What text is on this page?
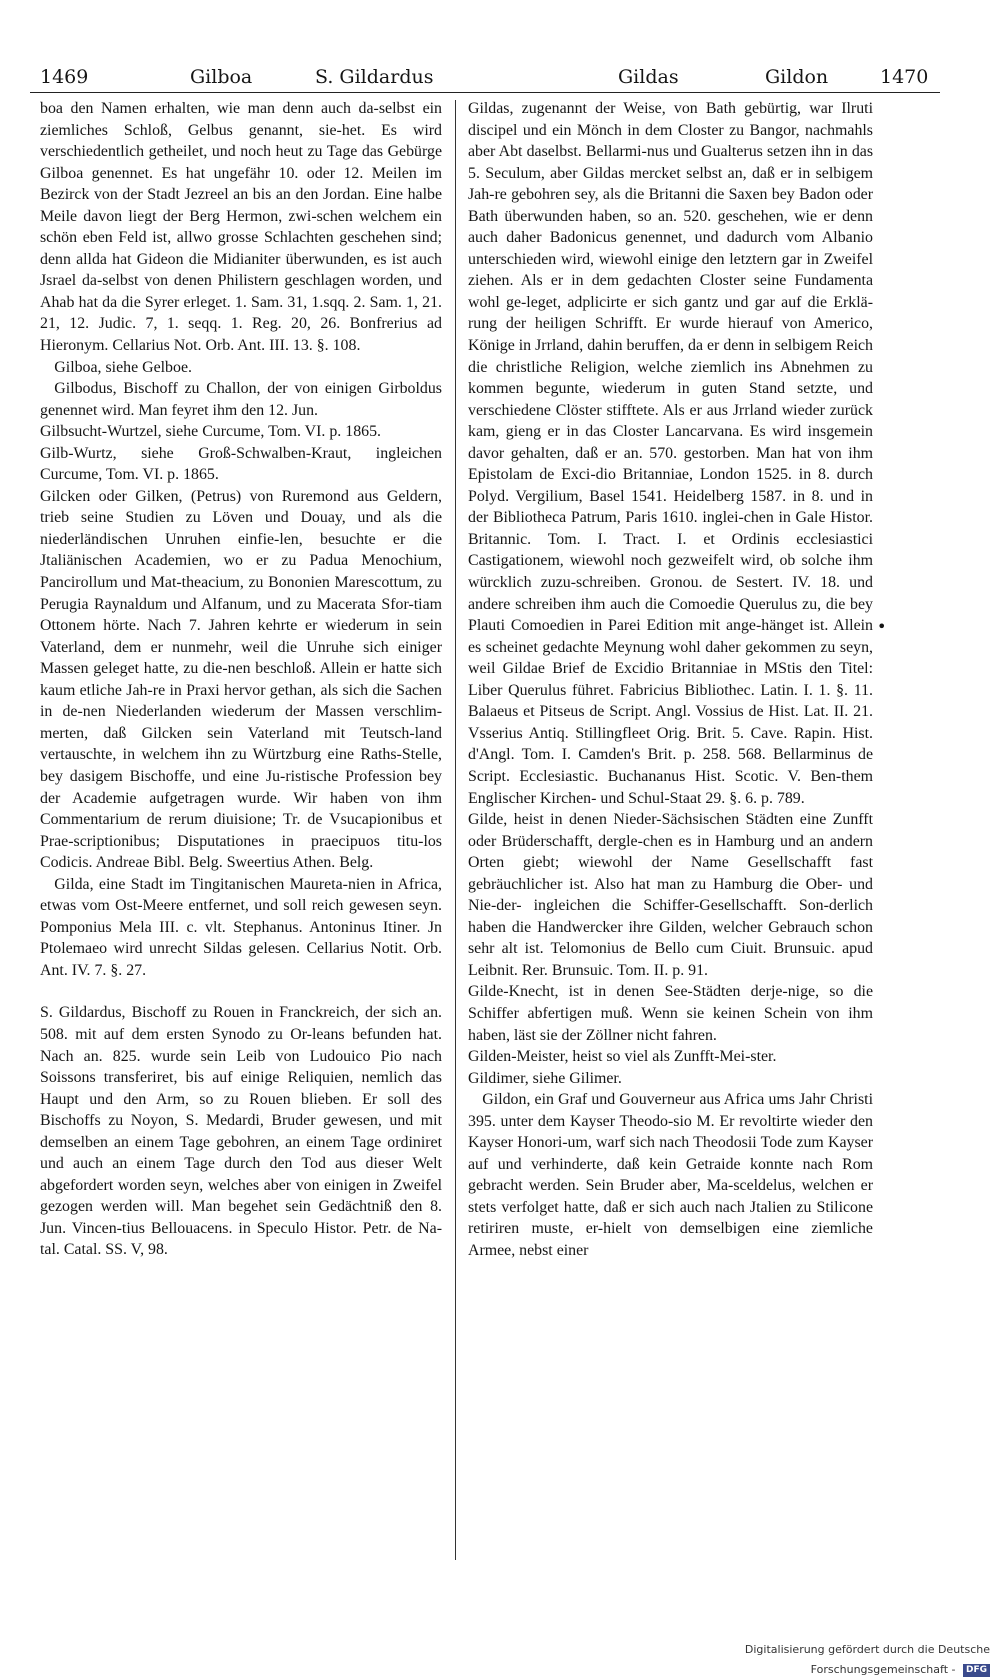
1469	Gilboa	S. Gildardus	Gildas	Gildon	1470

boa den Namen erhalten, wie man denn auch da-selbst ein ziemliches Schloß, Gelbus genannt, sie-het. Es wird verschiedentlich getheilet, und noch heut zu Tage das Gebürge Gilboa genennet. Es hat ungefähr 10. oder 12. Meilen im Bezirck von der Stadt Jezreel an bis an den Jordan. Eine halbe Meile davon liegt der Berg Hermon, zwi-schen welchem ein schön eben Feld ist, allwo grosse Schlachten geschehen sind; denn allda hat Gideon die Midianiter überwunden, es ist auch Jsrael da-selbst von denen Philistern geschlagen worden, und Ahab hat da die Syrer erleget. 1. Sam. 31, 1.sqq. 2. Sam. 1, 21. 21, 12. Judic. 7, 1. seqq. 1. Reg. 20, 26. Bonfrerius ad Hieronym. Cellarius Not. Orb. Ant. III. 13. §. 108.

Gilboa, siehe Gelboe.

Gilbodus, Bischoff zu Challon, der von einigen Girboldus genennet wird. Man feyret ihm den 12. Jun.

Gilbsucht-Wurtzel, siehe Curcume, Tom. VI. p. 1865.

Gilb-Wurtz, siehe Groß-Schwalben-Kraut, ingleichen Curcume, Tom. VI. p. 1865.

Gilcken oder Gilken, (Petrus) von Ruremond aus Geldern, trieb seine Studien zu Löven und Douay, und als die niederländischen Unruhen einfie-len, besuchte er die Jtaliänischen Academien, wo er zu Padua Menochium, Pancirollum und Mat-theacium, zu Bononien Marescottum, zu Perugia Raynaldum und Alfanum, und zu Macerata Sfor-tiam Ottonem hörte. Nach 7. Jahren kehrte er wiederum in sein Vaterland, dem er nunmehr, weil die Unruhe sich einiger Massen geleget hatte, zu die-nen beschloß. Allein er hatte sich kaum etliche Jah-re in Praxi hervor gethan, als sich die Sachen in de-nen Niederlanden wiederum der Massen verschlim-merten, daß Gilcken sein Vaterland mit Teutsch-land vertauschte, in welchem ihn zu Würtzburg eine Raths-Stelle, bey dasigem Bischoffe, und eine Ju-ristische Profession bey der Academie aufgetragen wurde. Wir haben von ihm Commentarium de rerum diuisione; Tr. de Vsucapionibus et Prae-scriptionibus; Disputationes in praecipuos titu-los Codicis. Andreae Bibl. Belg. Sweertius Athen. Belg.

Gilda, eine Stadt im Tingitanischen Maureta-nien in Africa, etwas vom Ost-Meere entfernet, und soll reich gewesen seyn. Pomponius Mela III. c. vlt. Stephanus. Antoninus Itiner. Jn Ptolemaeo wird unrecht Sildas gelesen. Cellarius Notit. Orb. Ant. IV. 7. §. 27.

S. Gildardus, Bischoff zu Rouen in Franckreich, der sich an. 508. mit auf dem ersten Synodo zu Or-leans befunden hat. Nach an. 825. wurde sein Leib von Ludouico Pio nach Soissons transferiret, bis auf einige Reliquien, nemlich das Haupt und den Arm, so zu Rouen blieben. Er soll des Bischoffs zu Noyon, S. Medardi, Bruder gewesen, und mit demselben an einem Tage gebohren, an einem Tage ordiniret und auch an einem Tage durch den Tod aus dieser Welt abgefordert worden seyn, welches aber von einigen in Zweifel gezogen werden will. Man begehet sein Gedächtniß den 8. Jun. Vincen-tius Bellouacens. in Speculo Histor. Petr. de Na-tal. Catal. SS. V, 98.

Gildas, zugenannt der Weise, von Bath gebürtig, war Ilruti discipel und ein Mönch in dem Closter zu Bangor, nachmahls aber Abt daselbst. Bellarmi-nus und Gualterus setzen ihn in das 5. Seculum, aber Gildas mercket selbst an, daß er in selbigem Jah-re gebohren sey, als die Britanni die Saxen bey Badon oder Bath überwunden haben, so an. 520. geschehen, wie er denn auch daher Badonicus genennet, und dadurch vom Albanio unterschieden wird, wiewohl einige den letztern gar in Zweifel ziehen. Als er in dem gedachten Closter seine Fundamenta wohl ge-leget, adplicirte er sich gantz und gar auf die Erklä-rung der heiligen Schrifft. Er wurde hierauf von Americo, Könige in Jrrland, dahin beruffen, da er denn in selbigem Reich die christliche Religion, welche ziemlich ins Abnehmen zu kommen begunte, wiederum in guten Stand setzte, und verschiedene Clöster stifftete. Als er aus Jrrland wieder zurück kam, gieng er in das Closter Lancarvana. Es wird insgemein davor gehalten, daß er an. 570. gestorben. Man hat von ihm Epistolam de Exci-dio Britanniae, London 1525. in 8. durch Polyd. Vergilium, Basel 1541. Heidelberg 1587. in 8. und in der Bibliotheca Patrum, Paris 1610. inglei-chen in Gale Histor. Britannic. Tom. I. Tract. I. et Ordinis ecclesiastici Castigationem, wiewohl noch gezweifelt wird, ob solche ihm würcklich zuzu-schreiben. Gronou. de Sestert. IV. 18. und andere schreiben ihm auch die Comoedie Querulus zu, die bey Plauti Comoedien in Parei Edition mit ange-hänget ist. Allein es scheinet gedachte Meynung wohl daher gekommen zu seyn, weil Gildae Brief de Excidio Britanniae in MStis den Titel: Liber Querulus führet. Fabricius Bibliothec. Latin. I. 1. §. 11. Balaeus et Pitseus de Script. Angl. Vossius de Hist. Lat. II. 21. Vsserius Antiq. Stillingfleet Orig. Brit. 5. Cave. Rapin. Hist. d'Angl. Tom. I. Camden's Brit. p. 258. 568. Bellarminus de Script. Ecclesiastic. Buchananus Hist. Scotic. V. Ben-them Englischer Kirchen- und Schul-Staat 29. §. 6. p. 789.

Gilde, heist in denen Nieder-Sächsischen Städten eine Zunfft oder Brüderschafft, dergle-chen es in Hamburg und an andern Orten giebt; wiewohl der Name Gesellschafft fast gebräuchlicher ist. Also hat man zu Hamburg die Ober- und Nie-der- ingleichen die Schiffer-Gesellschafft. Son-derlich haben die Handwercker ihre Gilden, welcher Gebrauch schon sehr alt ist. Telomonius de Bello cum Ciuit. Brunsuic. apud Leibnit. Rer. Brunsuic. Tom. II. p. 91.

Gilde-Knecht, ist in denen See-Städten derje-nige, so die Schiffer abfertigen muß. Wenn sie keinen Schein von ihm haben, läst sie der Zöllner nicht fahren.

Gilden-Meister, heist so viel als Zunfft-Mei-ster.

Gildimer, siehe Gilimer.

Gildon, ein Graf und Gouverneur aus Africa ums Jahr Christi 395. unter dem Kayser Theodo-sio M. Er revoltirte wieder den Kayser Honori-um, warf sich nach Theodosii Tode zum Kayser auf und verhinderte, daß kein Getraide konnte nach Rom gebracht werden. Sein Bruder aber, Ma-sceldelus, welchen er stets verfolget hatte, daß er sich auch nach Jtalien zu Stilicone retiriren muste, er-hielt von demselbigen eine ziemliche Armee, nebst einer

•
Digitalisierung gefördert durch die Deutsche Forschungsgemeinschaft - DFG
